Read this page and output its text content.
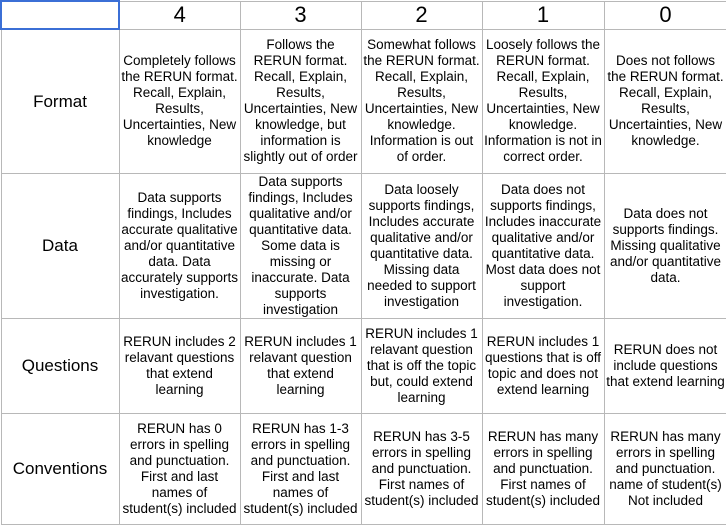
	4	3	2	1	0
Format	Completely follows the RERUN format. Recall, Explain, Results, Uncertainties, New knowledge	Follows the RERUN format. Recall, Explain, Results, Uncertainties, New knowledge, but information is slightly out of order	Somewhat follows the RERUN format. Recall, Explain, Results, Uncertainties, New knowledge. Information is out of order.	Loosely follows the RERUN format. Recall, Explain, Results, Uncertainties, New knowledge. Information is not in correct order.	Does not follows the RERUN format. Recall, Explain, Results, Uncertainties, New knowledge.
Data	Data supports findings, Includes accurate qualitative and/or quantitative data. Data accurately supports investigation.	Data supports findings, Includes qualitative and/or quantitative data. Some data is missing or inaccurate. Data supports investigation	Data loosely supports findings, Includes accurate qualitative and/or quantitative data. Missing data needed to support investigation	Data does not supports findings, Includes inaccurate qualitative and/or quantitative data. Most data does not support investigation.	Data does not supports findings. Missing qualitative and/or quantitative data.
Questions	RERUN includes 2 relavant questions that extend learning	RERUN includes 1 relavant question that extend learning	RERUN includes 1 relavant question that is off the topic but, could extend learning	RERUN includes 1 questions that is off topic and does not extend learning	RERUN does not include questions that extend learning
Conventions	RERUN has 0 errors in spelling and punctuation. First and last names of student(s) included	RERUN has 1-3 errors in spelling and punctuation. First and last names of student(s) included	RERUN has 3-5 errors in spelling and punctuation. First names of student(s) included	RERUN has many errors in spelling and punctuation. First names of student(s) included	RERUN has many errors in spelling and punctuation. name of student(s) Not included
